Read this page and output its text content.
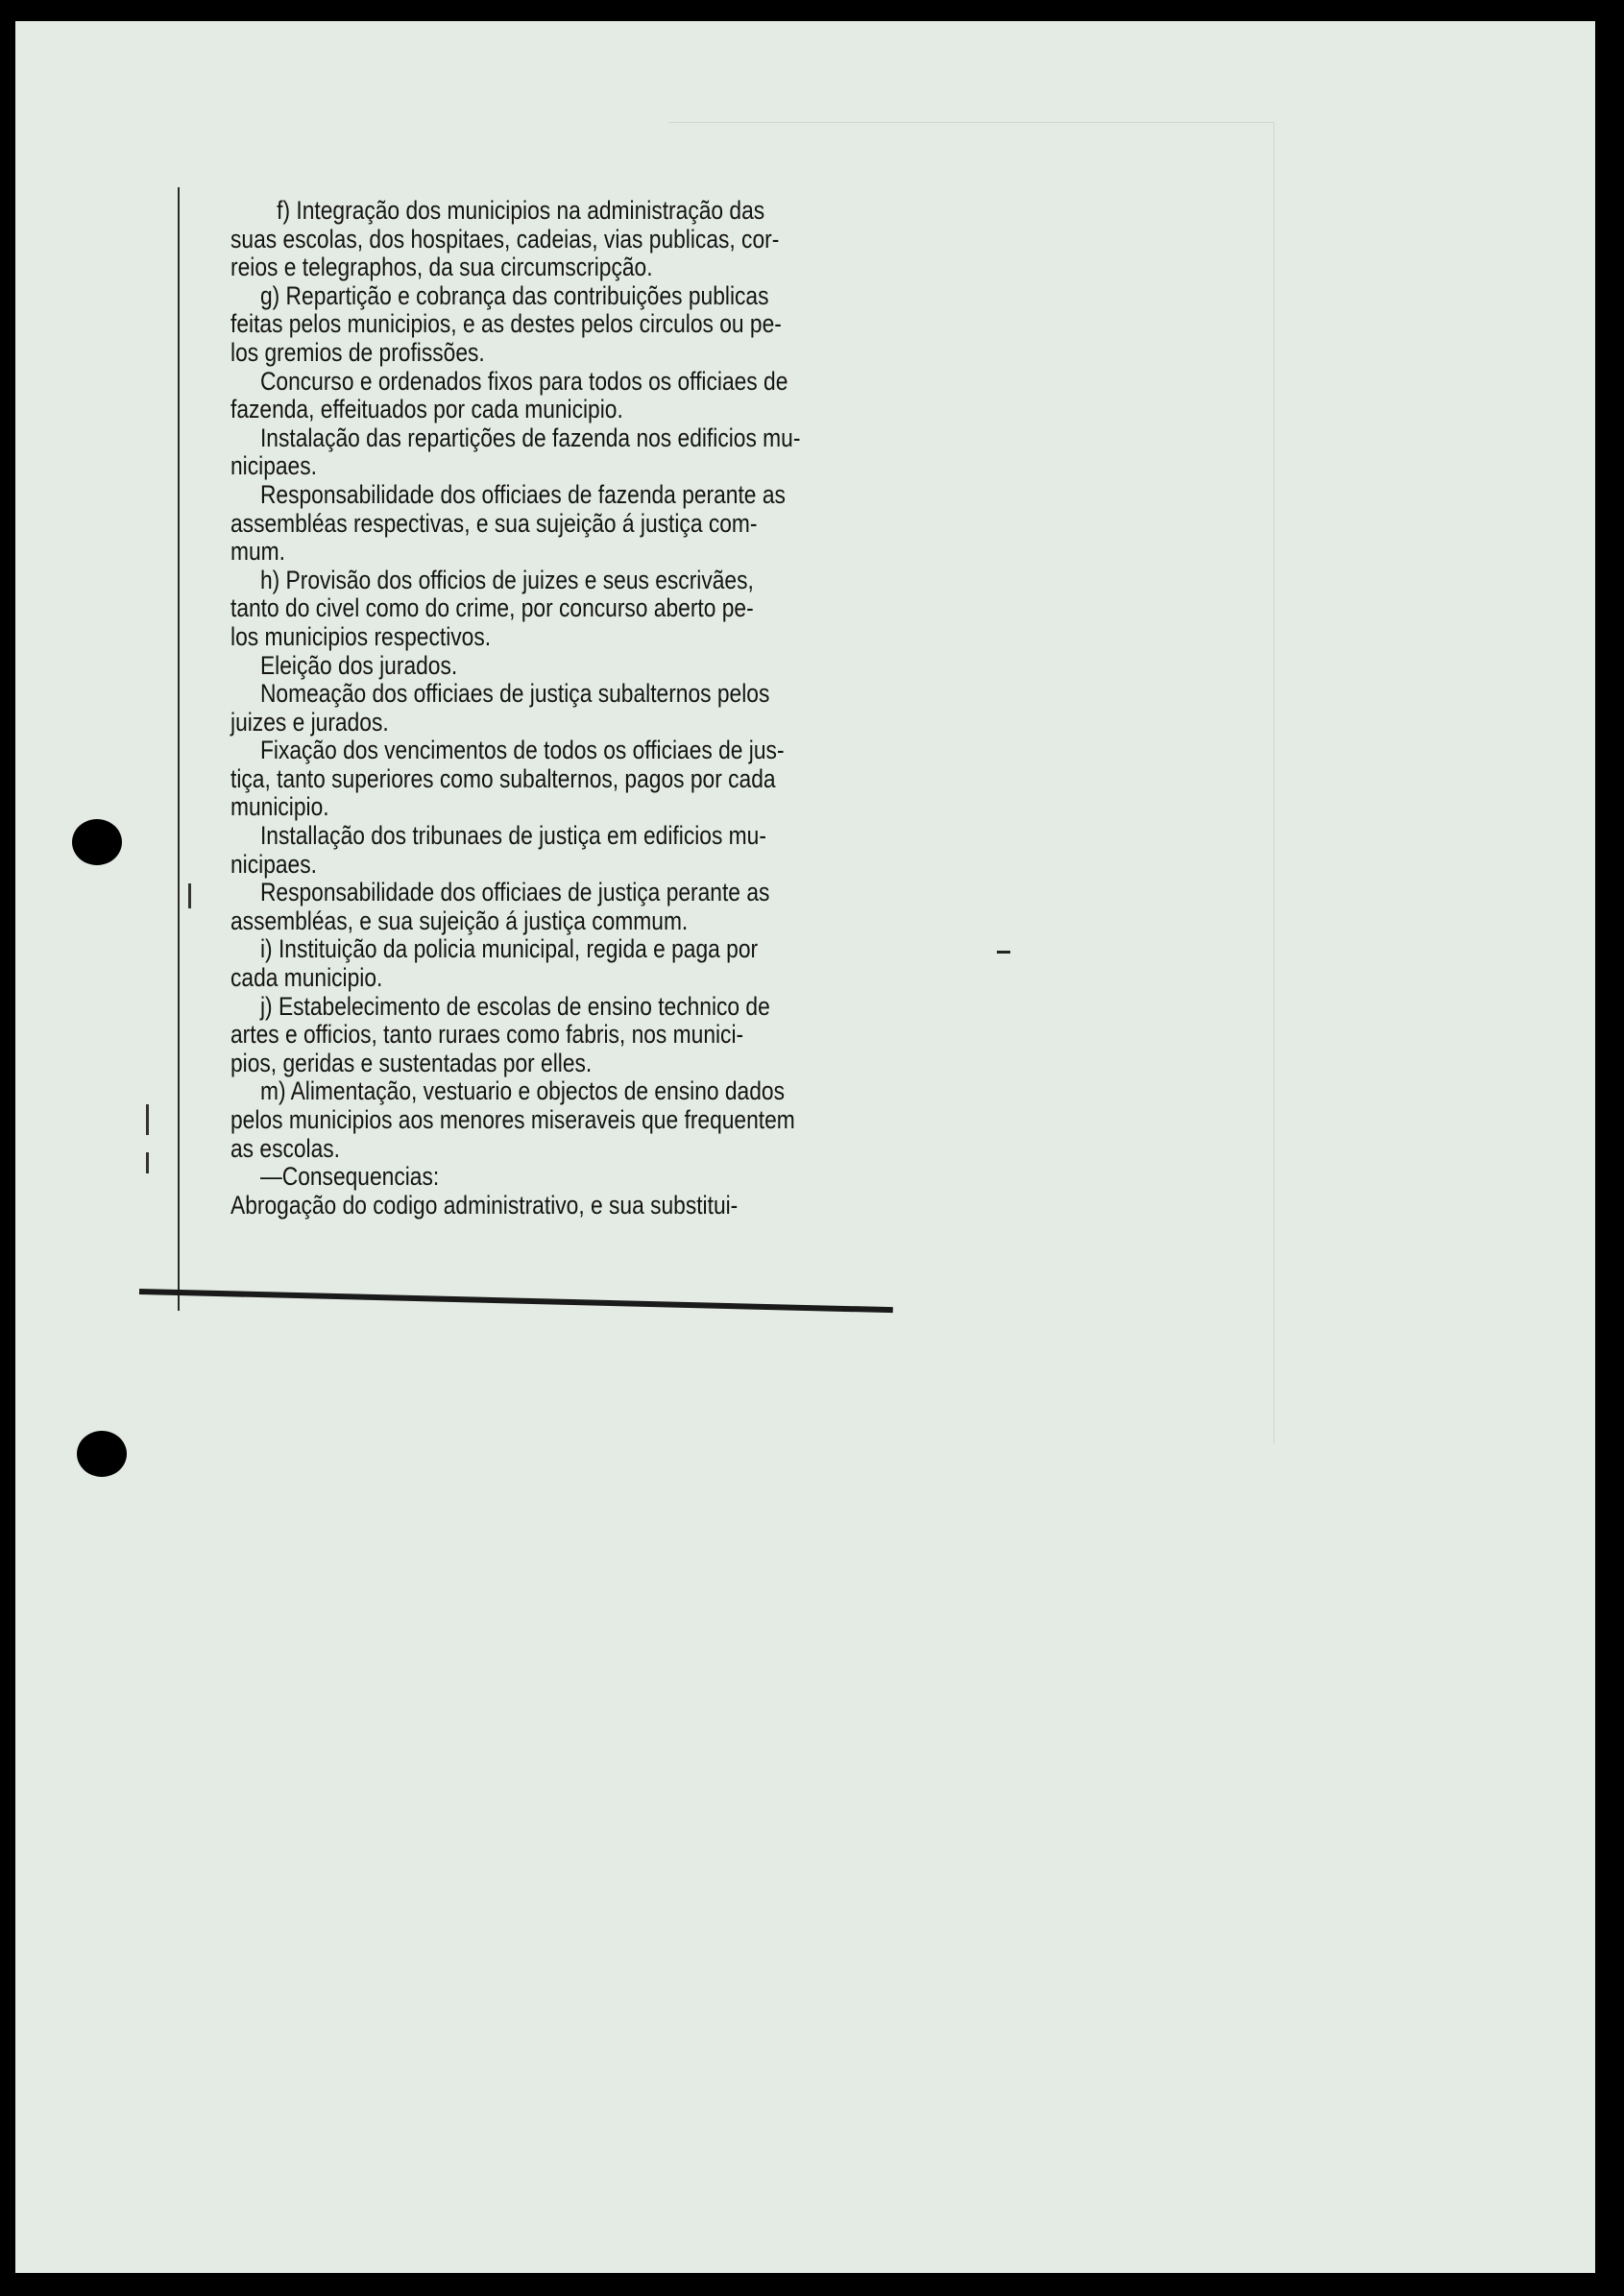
f) Integração dos municipios na administração das
suas escolas, dos hospitaes, cadeias, vias publicas, cor-
reios e telegraphos, da sua circumscripção.
g) Repartição e cobrança das contribuições publicas
feitas pelos municipios, e as destes pelos circulos ou pe-
los gremios de profissões.
Concurso e ordenados fixos para todos os officiaes de
fazenda, effeituados por cada municipio.
Instalação das repartições de fazenda nos edificios mu-
nicipaes.
Responsabilidade dos officiaes de fazenda perante as
assembléas respectivas, e sua sujeição á justiça com-
mum.
h) Provisão dos officios de juizes e seus escrivães,
tanto do civel como do crime, por concurso aberto pe-
los municipios respectivos.
Eleição dos jurados.
Nomeação dos officiaes de justiça subalternos pelos
juizes e jurados.
Fixação dos vencimentos de todos os officiaes de jus-
tiça, tanto superiores como subalternos, pagos por cada
municipio.
Installação dos tribunaes de justiça em edificios mu-
nicipaes.
Responsabilidade dos officiaes de justiça perante as
assembléas, e sua sujeição á justiça commum.
i) Instituição da policia municipal, regida e paga por
cada municipio.
j) Estabelecimento de escolas de ensino technico de
artes e officios, tanto ruraes como fabris, nos munici-
pios, geridas e sustentadas por elles.
m) Alimentação, vestuario e objectos de ensino dados
pelos municipios aos menores miseraveis que frequentem
as escolas.
—Consequencias:
Abrogação do codigo administrativo, e sua substitui-
